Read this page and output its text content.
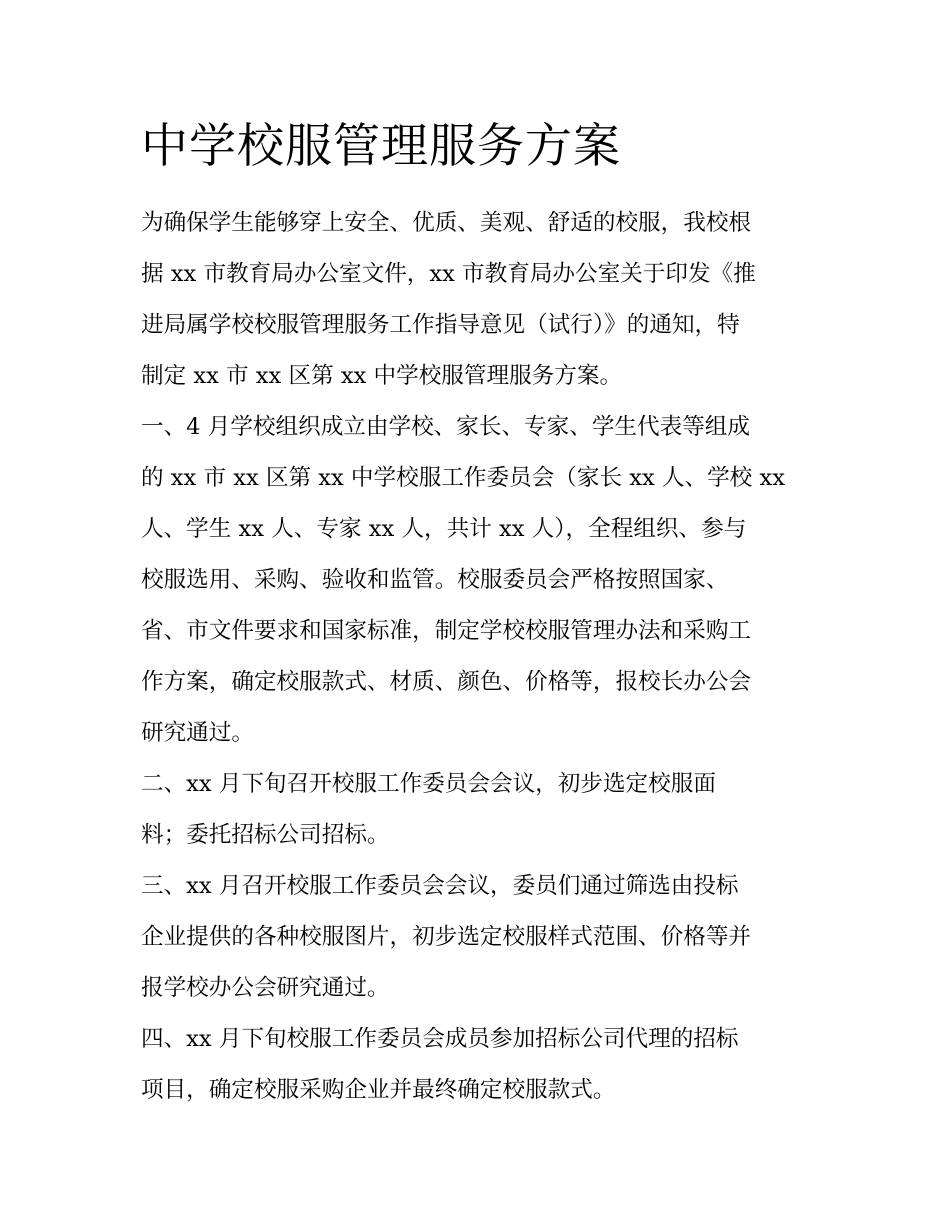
中学校服管理服务方案
为确保学生能够穿上安全、优质、美观、舒适的校服，我校根
据 xx 市教育局办公室文件，xx 市教育局办公室关于印发《推
进局属学校校服管理服务工作指导意见（试行）》的通知，特
制定 xx 市 xx 区第 xx 中学校服管理服务方案。
一、4 月学校组织成立由学校、家长、专家、学生代表等组成
的 xx 市 xx 区第 xx 中学校服工作委员会（家长 xx 人、学校 xx
人、学生 xx 人、专家 xx 人，共计 xx 人），全程组织、参与
校服选用、采购、验收和监管。校服委员会严格按照国家、
省、市文件要求和国家标准，制定学校校服管理办法和采购工
作方案，确定校服款式、材质、颜色、价格等，报校长办公会
研究通过。
二、xx 月下旬召开校服工作委员会会议，初步选定校服面
料；委托招标公司招标。
三、xx 月召开校服工作委员会会议，委员们通过筛选由投标
企业提供的各种校服图片，初步选定校服样式范围、价格等并
报学校办公会研究通过。
四、xx 月下旬校服工作委员会成员参加招标公司代理的招标
项目，确定校服采购企业并最终确定校服款式。
